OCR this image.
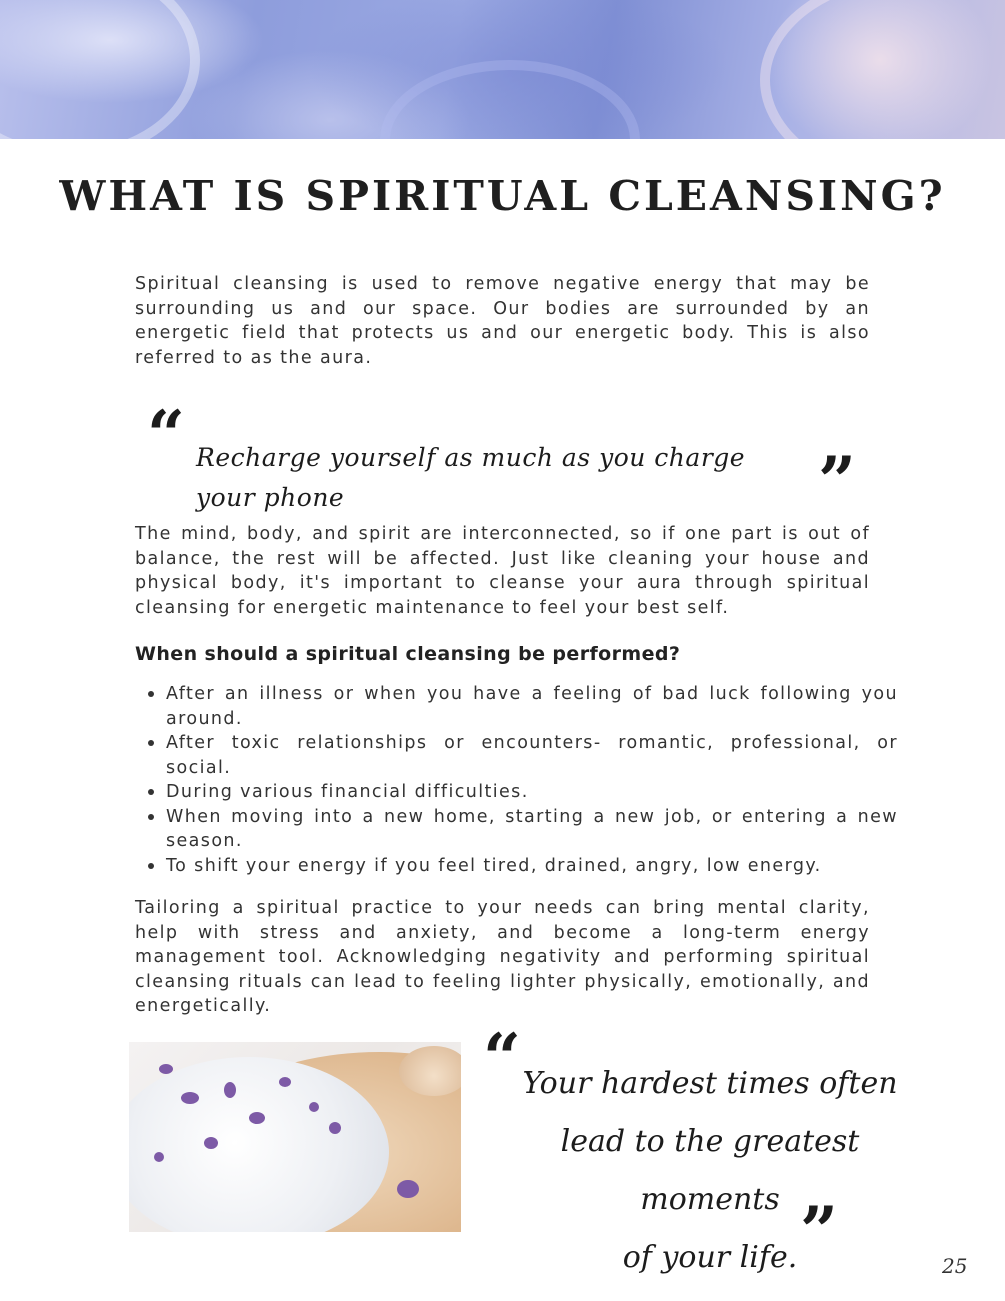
WHAT IS SPIRITUAL CLEANSING?

Spiritual cleansing is used to remove negative energy that may be surrounding us and our space. Our bodies are surrounded by an energetic field that protects us and our energetic body. This is also referred to as the aura.

“ Recharge yourself as much as you charge your phone	”

The mind, body, and spirit are interconnected, so if one part is out of balance, the rest will be affected. Just like cleaning your house and physical body, it's important to cleanse your aura through spiritual cleansing for energetic maintenance to feel your best self.

When should a spiritual cleansing be performed?
After an illness or when you have a feeling of bad luck following you around.
After toxic relationships or encounters- romantic, professional, or social.
During various financial difficulties.
When moving into a new home, starting a new job, or entering a new season.
To shift your energy if you feel tired, drained, angry, low energy.

Tailoring a spiritual practice to your needs can bring mental clarity, help with stress and anxiety, and become a long-term energy management tool. Acknowledging negativity and performing spiritual cleansing rituals can lead to feeling lighter physically, emotionally, and energetically.

“ Your hardest times often
lead to the greatest moments
of your life. ”	25
